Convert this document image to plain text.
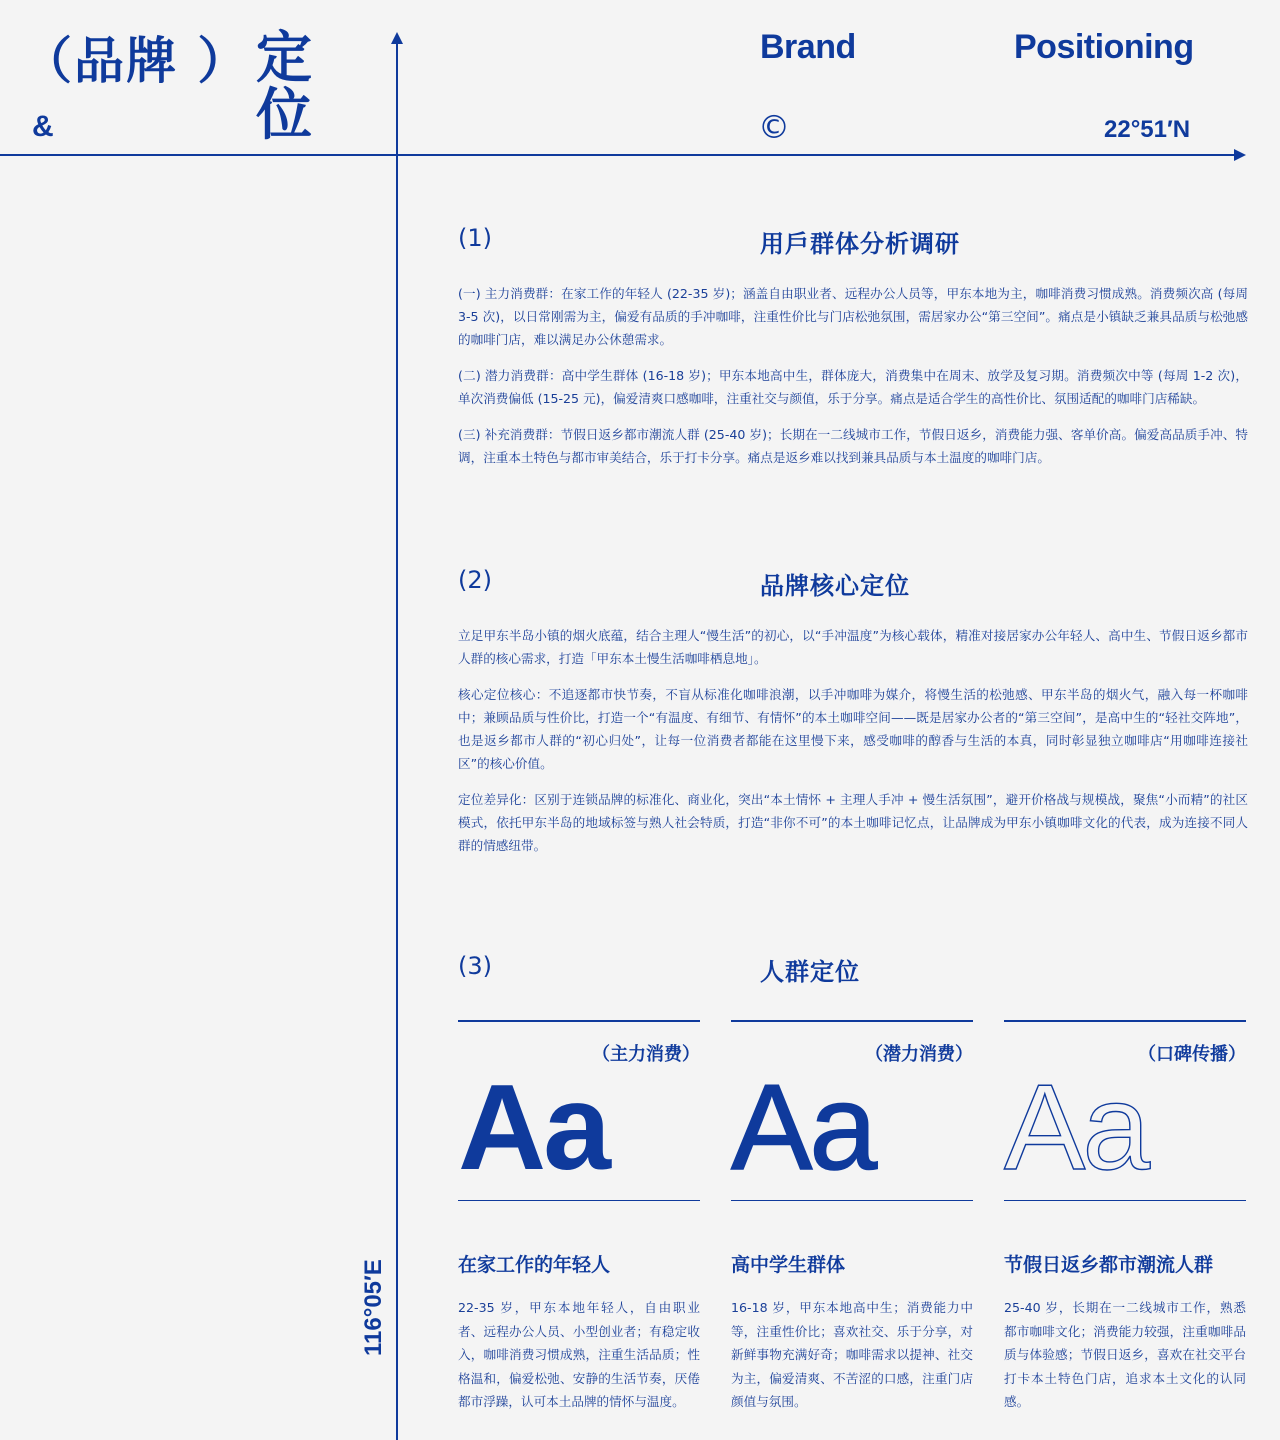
（品牌 ）
&
定
位
Brand	Positioning
©	22°51′N
116°05′E
(1)	用戶群体分析调研

(一) 主力消费群：在家工作的年轻人 (22-35 岁)；涵盖自由职业者、远程办公人员等，甲东本地为主，咖啡消费习惯成熟。消费频次高 (每周 3-5 次)，以日常刚需为主，偏爱有品质的手冲咖啡，注重性价比与门店松弛氛围，需居家办公“第三空间”。痛点是小镇缺乏兼具品质与松弛感的咖啡门店，难以满足办公休憩需求。

(二) 潜力消费群：高中学生群体 (16-18 岁)；甲东本地高中生，群体庞大，消费集中在周末、放学及复习期。消费频次中等 (每周 1-2 次)，单次消费偏低 (15-25 元)，偏爱清爽口感咖啡，注重社交与颜值，乐于分享。痛点是适合学生的高性价比、氛围适配的咖啡门店稀缺。

(三) 补充消费群：节假日返乡都市潮流人群 (25-40 岁)；长期在一二线城市工作，节假日返乡，消费能力强、客单价高。偏爱高品质手冲、特调，注重本土特色与都市审美结合，乐于打卡分享。痛点是返乡难以找到兼具品质与本土温度的咖啡门店。

(2)	品牌核心定位

立足甲东半岛小镇的烟火底蕴，结合主理人“慢生活”的初心，以“手冲温度”为核心载体，精准对接居家办公年轻人、高中生、节假日返乡都市人群的核心需求，打造「甲东本土慢生活咖啡栖息地」。

核心定位核心：不追逐都市快节奏，不盲从标准化咖啡浪潮，以手冲咖啡为媒介，将慢生活的松弛感、甲东半岛的烟火气，融入每一杯咖啡中；兼顾品质与性价比，打造一个“有温度、有细节、有情怀”的本土咖啡空间——既是居家办公者的“第三空间”，是高中生的“轻社交阵地”，也是返乡都市人群的“初心归处”，让每一位消费者都能在这里慢下来，感受咖啡的醇香与生活的本真，同时彰显独立咖啡店“用咖啡连接社区”的核心价值。

定位差异化：区别于连锁品牌的标准化、商业化，突出“本土情怀 + 主理人手冲 + 慢生活氛围”，避开价格战与规模战，聚焦“小而精”的社区模式，依托甲东半岛的地域标签与熟人社会特质，打造“非你不可”的本土咖啡记忆点，让品牌成为甲东小镇咖啡文化的代表，成为连接不同人群的情感纽带。

(3)	人群定位
（主力消费）
Aa
在家工作的年轻人
22-35 岁，甲东本地年轻人，自由职业者、远程办公人员、小型创业者；有稳定收入，咖啡消费习惯成熟，注重生活品质；性格温和，偏爱松弛、安静的生活节奏，厌倦都市浮躁，认可本土品牌的情怀与温度。
（潜力消费）
Aa
高中学生群体
16-18 岁，甲东本地高中生；消费能力中等，注重性价比；喜欢社交、乐于分享，对新鲜事物充满好奇；咖啡需求以提神、社交为主，偏爱清爽、不苦涩的口感，注重门店颜值与氛围。
（口碑传播）
Aa
节假日返乡都市潮流人群
25-40 岁，长期在一二线城市工作，熟悉都市咖啡文化；消费能力较强，注重咖啡品质与体验感；节假日返乡，喜欢在社交平台打卡本土特色门店，追求本土文化的认同感。
